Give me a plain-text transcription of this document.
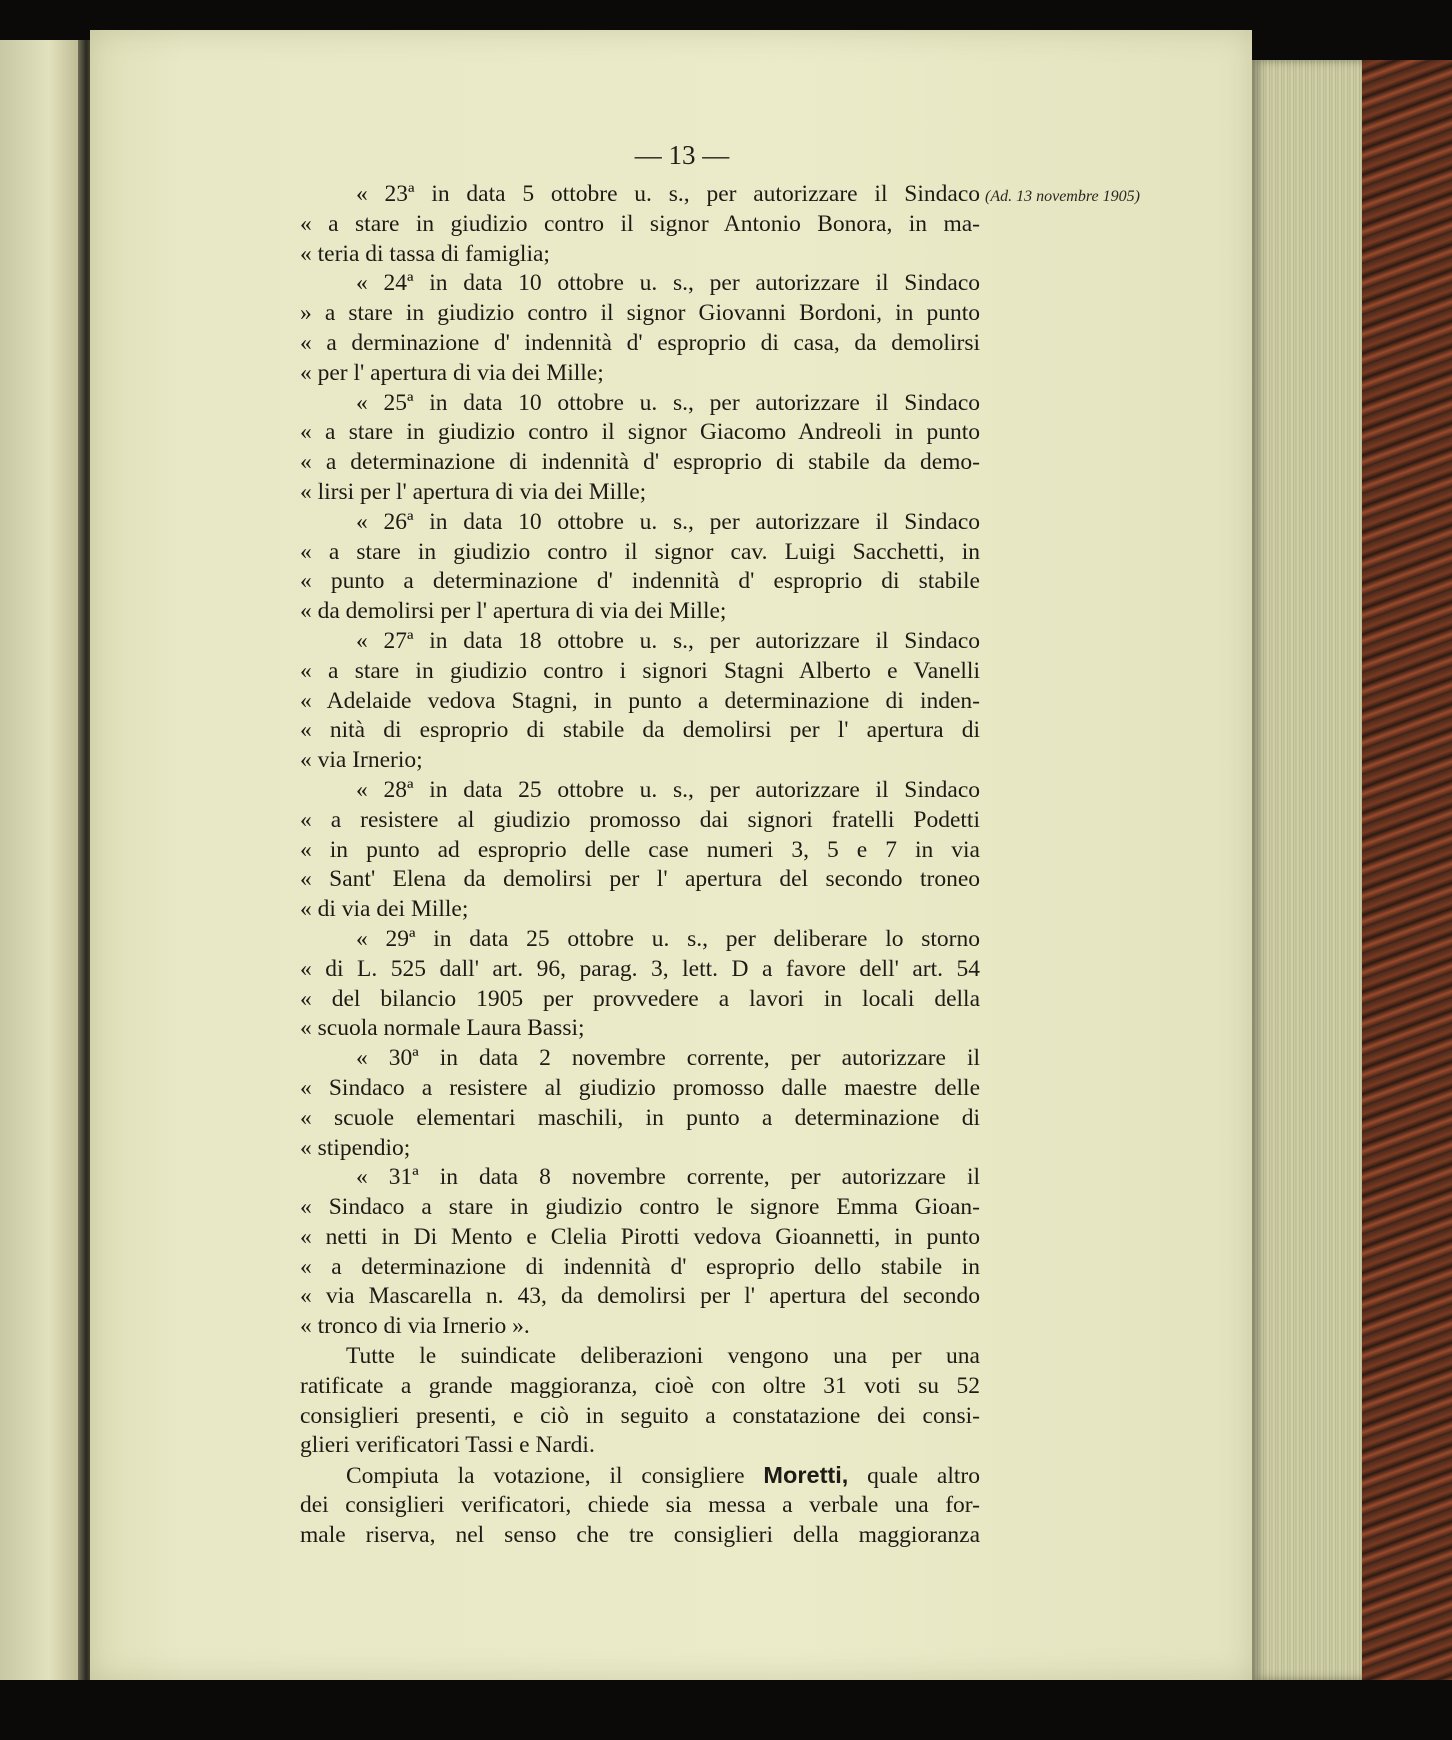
— 13 —
(Ad. 13 novembre 1905)
« 23ª in data 5 ottobre u. s., per autorizzare il Sindaco
« a stare in giudizio contro il signor Antonio Bonora, in ma-
« teria di tassa di famiglia;
« 24ª in data 10 ottobre u. s., per autorizzare il Sindaco
» a stare in giudizio contro il signor Giovanni Bordoni, in punto
« a derminazione d' indennità d' esproprio di casa, da demolirsi
« per l' apertura di via dei Mille;
« 25ª in data 10 ottobre u. s., per autorizzare il Sindaco
« a stare in giudizio contro il signor Giacomo Andreoli in punto
« a determinazione di indennità d' esproprio di stabile da demo-
« lirsi per l' apertura di via dei Mille;
« 26ª in data 10 ottobre u. s., per autorizzare il Sindaco
« a stare in giudizio contro il signor cav. Luigi Sacchetti, in
« punto a determinazione d' indennità d' esproprio di stabile
« da demolirsi per l' apertura di via dei Mille;
« 27ª in data 18 ottobre u. s., per autorizzare il Sindaco
« a stare in giudizio contro i signori Stagni Alberto e Vanelli
« Adelaide vedova Stagni, in punto a determinazione di inden-
« nità di esproprio di stabile da demolirsi per l' apertura di
« via Irnerio;
« 28ª in data 25 ottobre u. s., per autorizzare il Sindaco
« a resistere al giudizio promosso dai signori fratelli Podetti
« in punto ad esproprio delle case numeri 3, 5 e 7 in via
« Sant' Elena da demolirsi per l' apertura del secondo troneo
« di via dei Mille;
« 29ª in data 25 ottobre u. s., per deliberare lo storno
« di L. 525 dall' art. 96, parag. 3, lett. D a favore dell' art. 54
« del bilancio 1905 per provvedere a lavori in locali della
« scuola normale Laura Bassi;
« 30ª in data 2 novembre corrente, per autorizzare il
« Sindaco a resistere al giudizio promosso dalle maestre delle
« scuole elementari maschili, in punto a determinazione di
« stipendio;
« 31ª in data 8 novembre corrente, per autorizzare il
« Sindaco a stare in giudizio contro le signore Emma Gioan-
« netti in Di Mento e Clelia Pirotti vedova Gioannetti, in punto
« a determinazione di indennità d' esproprio dello stabile in
« via Mascarella n. 43, da demolirsi per l' apertura del secondo
« tronco di via Irnerio ».
Tutte le suindicate deliberazioni vengono una per una
ratificate a grande maggioranza, cioè con oltre 31 voti su 52
consiglieri presenti, e ciò in seguito a constatazione dei consi-
glieri verificatori Tassi e Nardi.
Compiuta la votazione, il consigliere Moretti, quale altro
dei consiglieri verificatori, chiede sia messa a verbale una for-
male riserva, nel senso che tre consiglieri della maggioranza
